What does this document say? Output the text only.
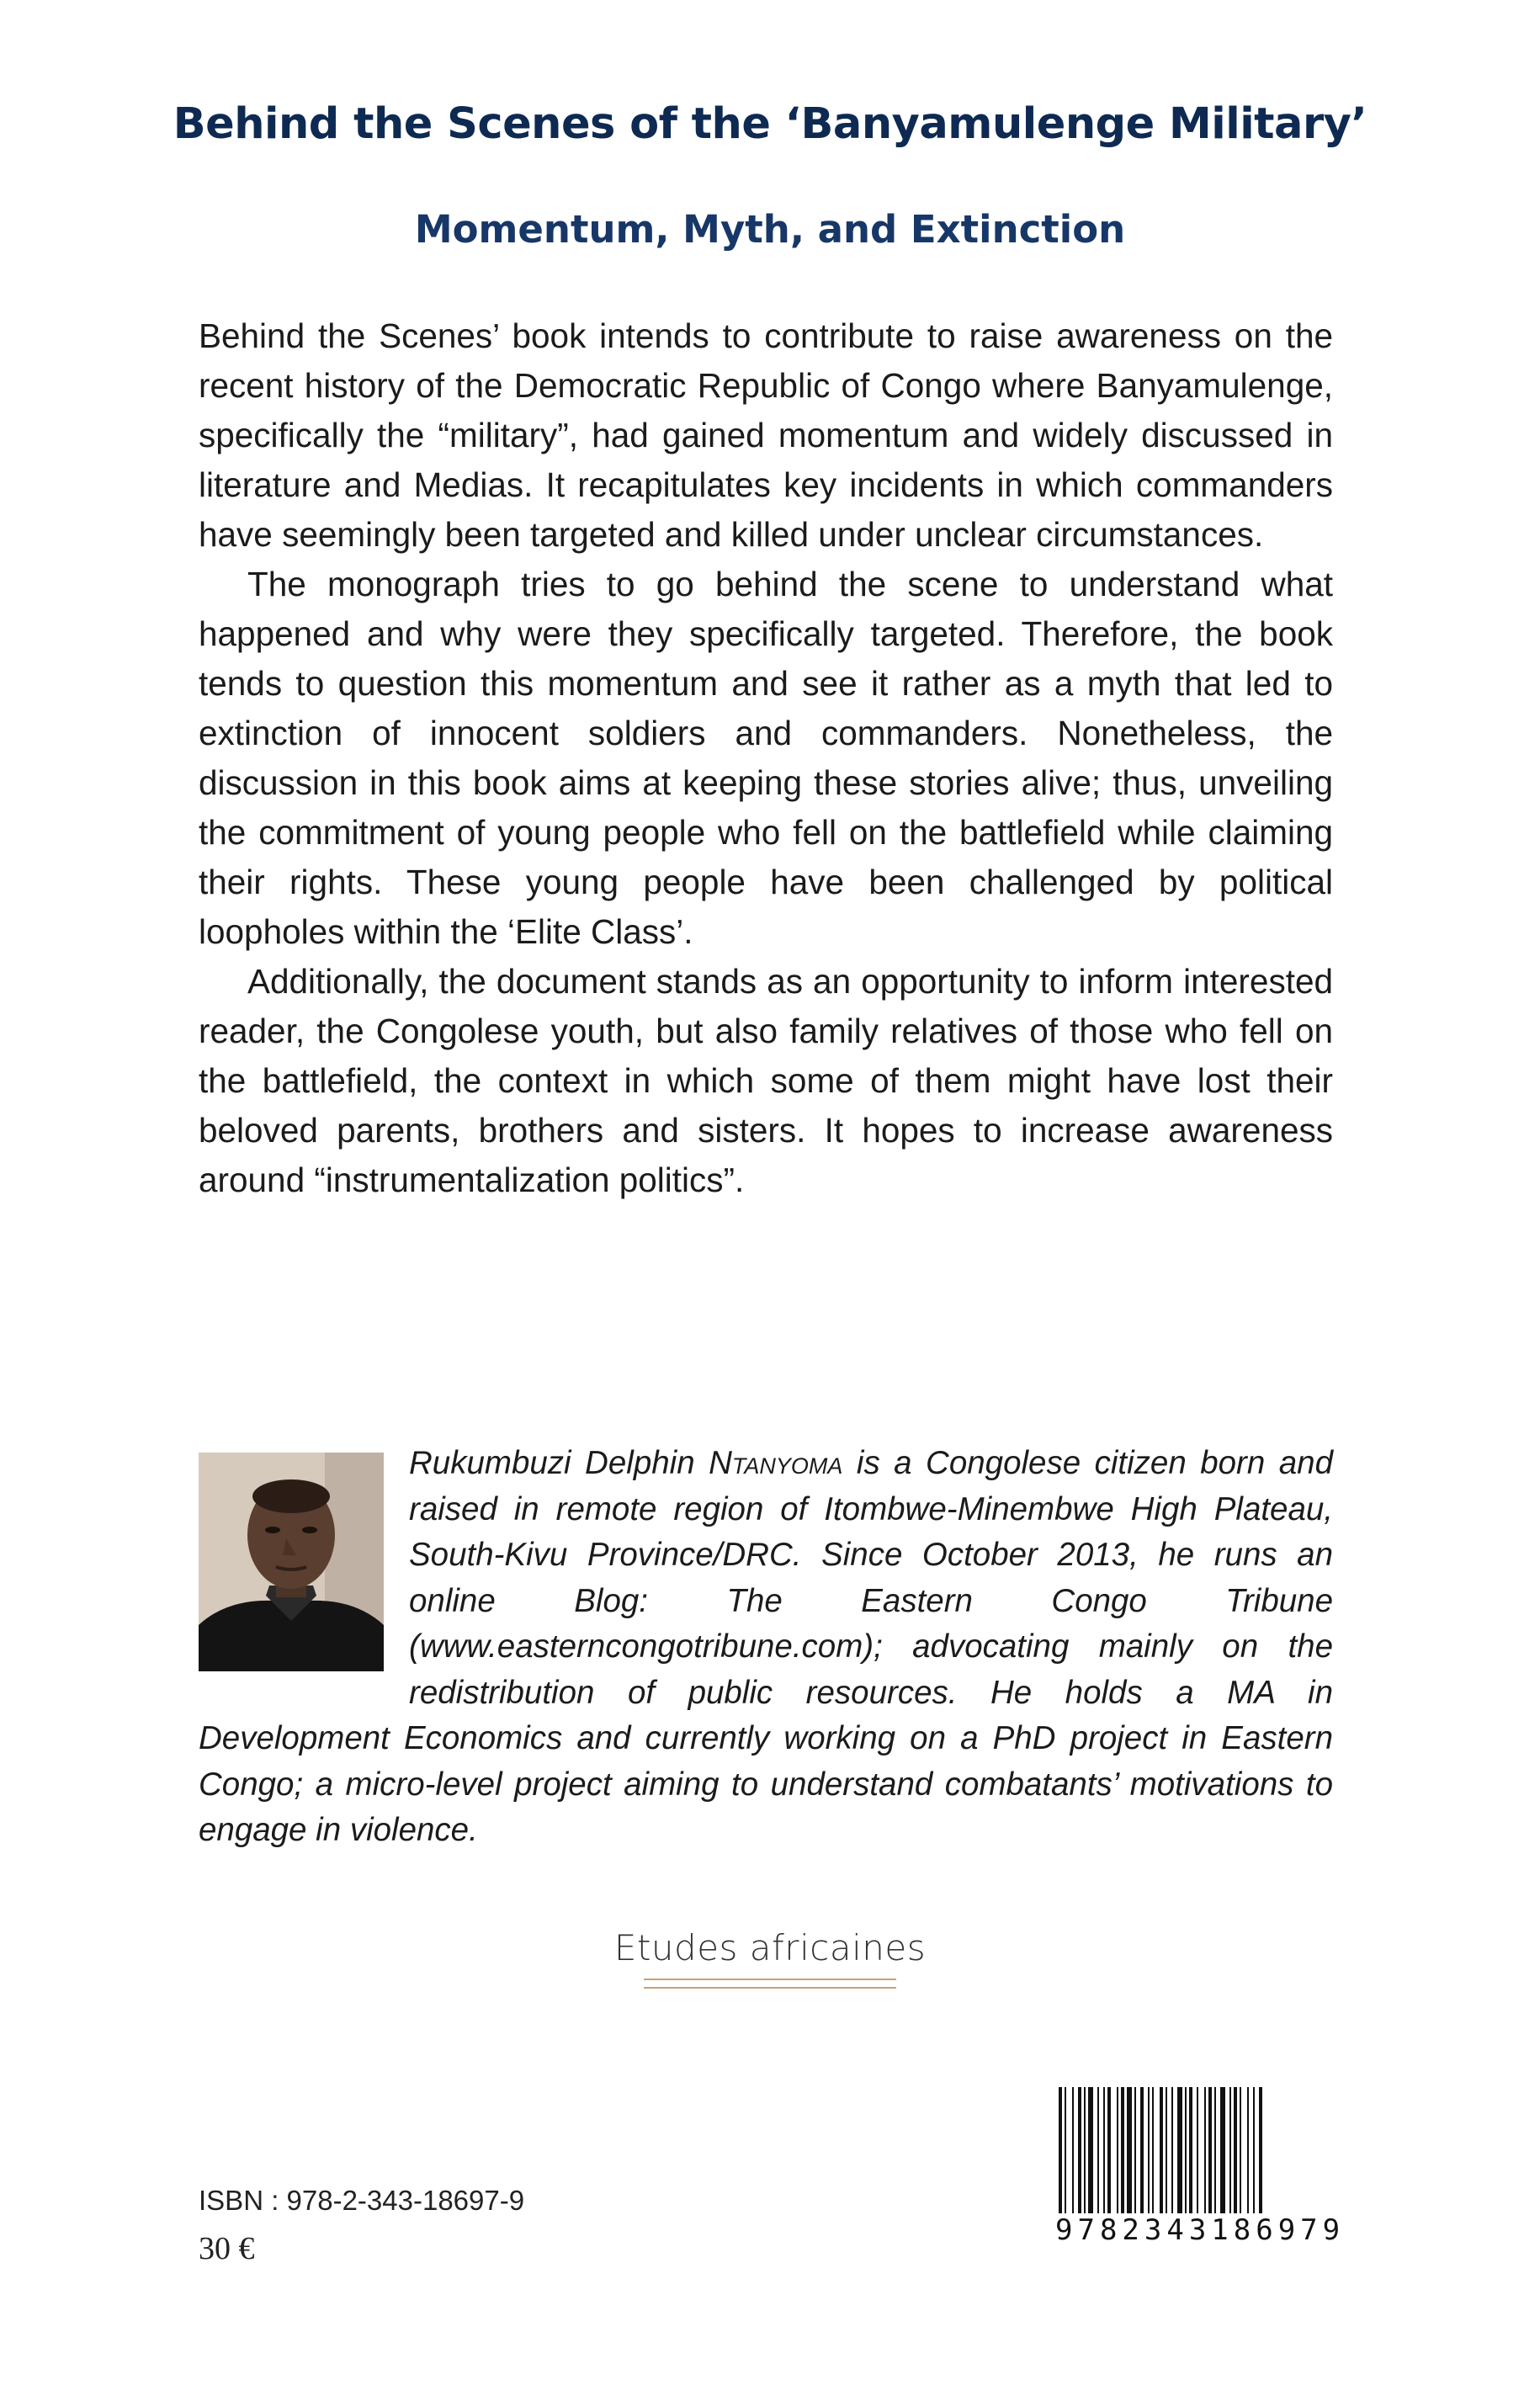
Behind the Scenes of the ‘Banyamulenge Military’
Momentum, Myth, and Extinction

Behind the Scenes’ book intends to contribute to raise awareness on the recent history of the Democratic Republic of Congo where Banyamulenge, specifically the “military”, had gained momentum and widely discussed in literature and Medias. It recapitulates key incidents in which commanders have seemingly been targeted and killed under unclear circumstances.

The monograph tries to go behind the scene to understand what happened and why were they specifically targeted. Therefore, the book tends to question this momentum and see it rather as a myth that led to extinction of innocent soldiers and commanders. Nonetheless, the discussion in this book aims at keeping these stories alive; thus, unveiling the commitment of young people who fell on the battlefield while claiming their rights. These young people have been challenged by political loopholes within the ‘Elite Class’.

Additionally, the document stands as an opportunity to inform interested reader, the Congolese youth, but also family relatives of those who fell on the battlefield, the context in which some of them might have lost their beloved parents, brothers and sisters. It hopes to increase awareness around “instrumentalization politics”.

Rukumbuzi Delphin Ntanyoma is a Congolese citizen born and raised in remote region of Itombwe-Minembwe High Plateau, South-Kivu Province/DRC. Since October 2013, he runs an online Blog: The Eastern Congo Tribune (www.easterncongotribune.com); advocating mainly on the redistribution of public resources. He holds a MA in Development Economics and currently working on a PhD project in Eastern Congo; a micro-level project aiming to understand combatants’ motivations to engage in violence.
Etudes africaines
ISBN : 978-2-343-18697-9
30 €
9782343186979
